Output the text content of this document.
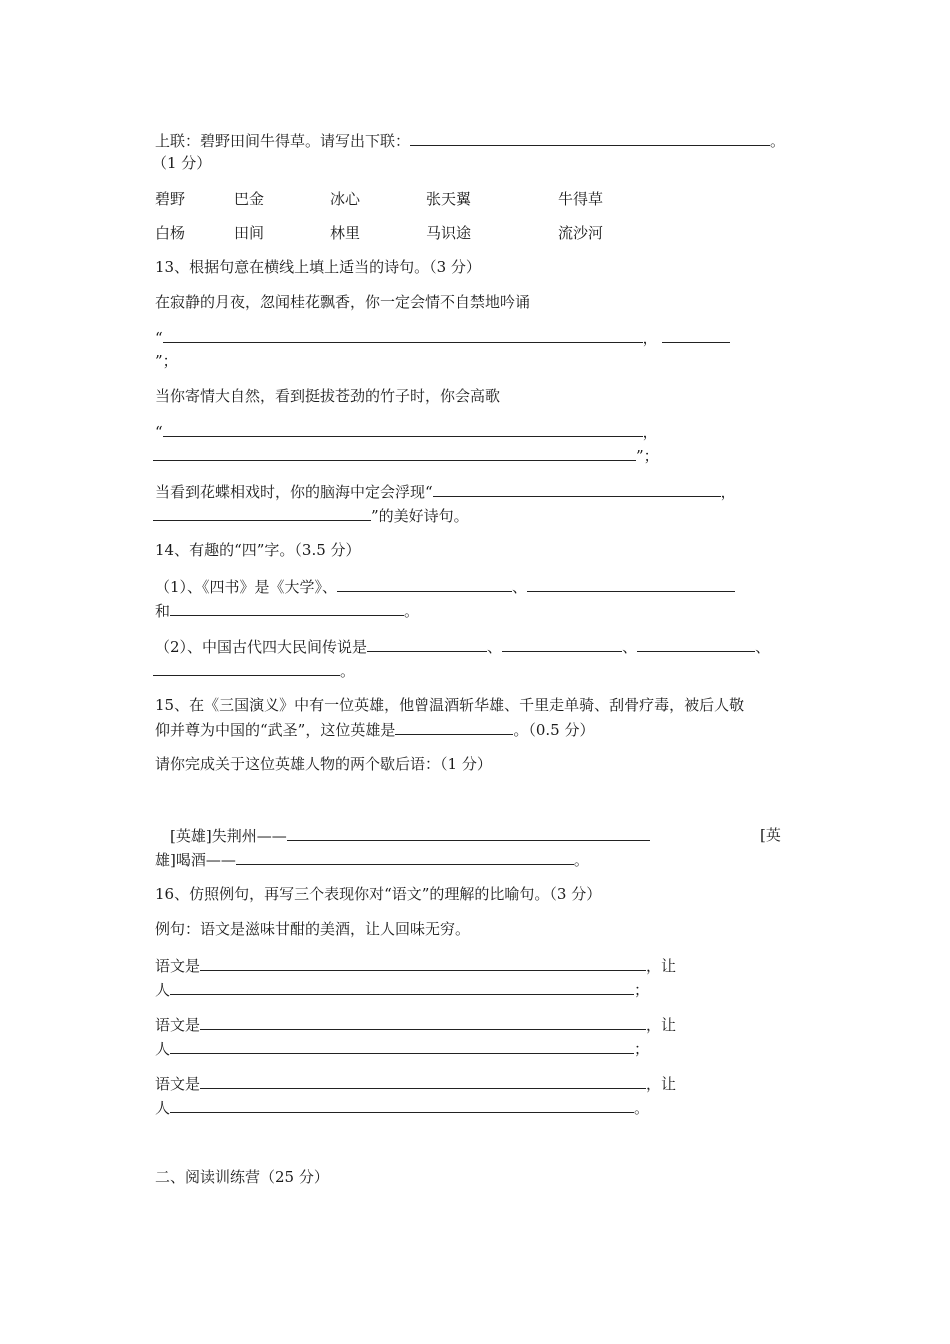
上联：碧野田间牛得草。请写出下联：	。
（1 分）
碧野	巴金	冰心	张天翼	牛得草
白杨	田间	林里	马识途	流沙河
13、根据句意在横线上填上适当的诗句。（3 分）
在寂静的月夜，忽闻桂花飘香，你一定会情不自禁地吟诵
“	，
”；
当你寄情大自然，看到挺拔苍劲的竹子时，你会高歌
“	，
”；
当看到花蝶相戏时，你的脑海中定会浮现“	，
”的美好诗句。
14、有趣的“四”字。（3.5 分）
（1）、《四书》是《大学》、	、
和	。
（2）、中国古代四大民间传说是	、	、	、
。
15、在《三国演义》中有一位英雄，他曾温酒斩华雄、千里走单骑、刮骨疗毒，被后人敬
仰并尊为中国的“武圣”，这位英雄是	。（0.5 分）
请你完成关于这位英雄人物的两个歇后语：（1 分）
[英雄]失荆州——	[英
雄]喝酒——	。
16、仿照例句，再写三个表现你对“语文”的理解的比喻句。（3 分）
例句：语文是滋味甘酣的美酒，让人回味无穷。
语文是	，让
人	；
语文是	，让
人	；
语文是	，让
人	。
二、阅读训练营（25 分）
